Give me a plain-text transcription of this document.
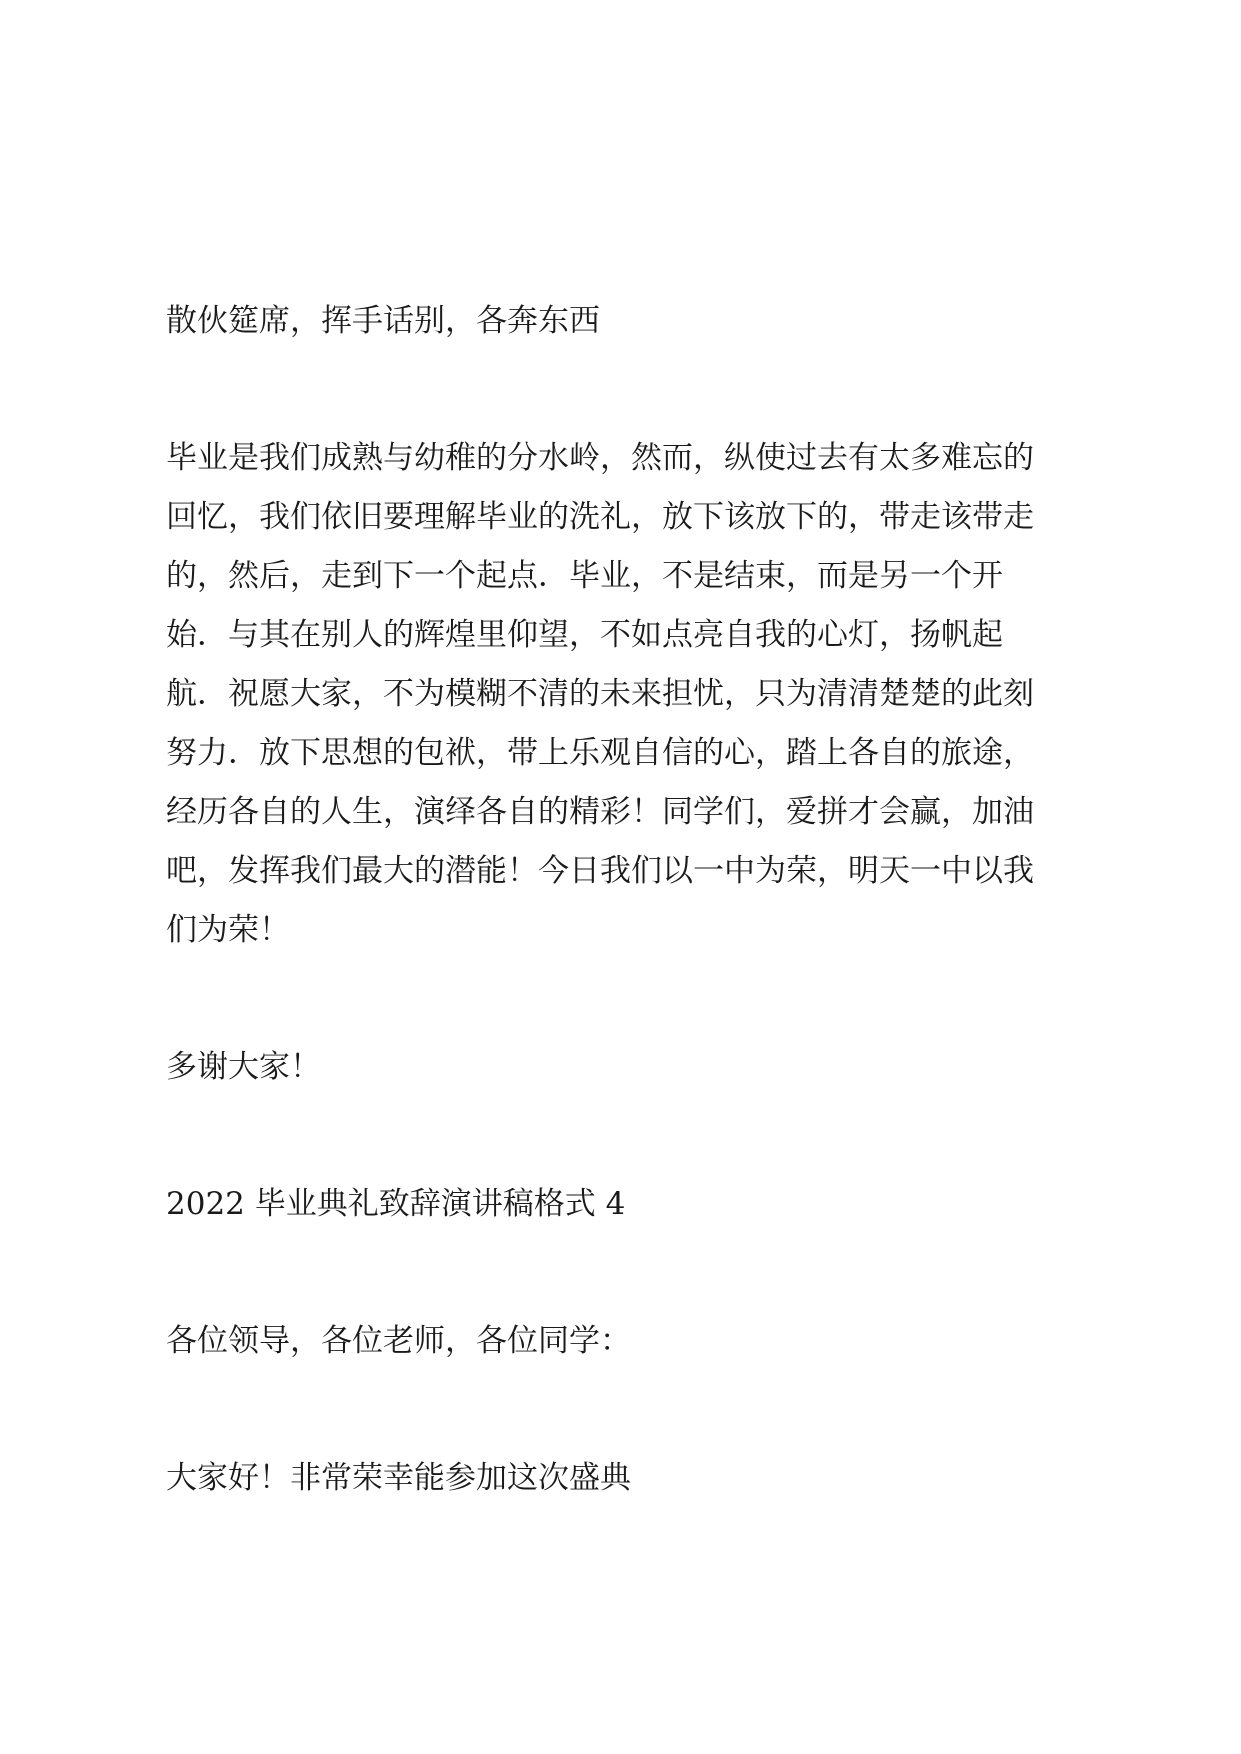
散伙筵席，挥手话别，各奔东西

毕业是我们成熟与幼稚的分水岭，然而，纵使过去有太多难忘的
回忆，我们依旧要理解毕业的洗礼，放下该放下的，带走该带走
的，然后，走到下一个起点．毕业，不是结束，而是另一个开
始．与其在别人的辉煌里仰望，不如点亮自我的心灯，扬帆起
航．祝愿大家，不为模糊不清的未来担忧，只为清清楚楚的此刻
努力．放下思想的包袱，带上乐观自信的心，踏上各自的旅途，
经历各自的人生，演绎各自的精彩！同学们，爱拼才会赢，加油
吧，发挥我们最大的潜能！今日我们以一中为荣，明天一中以我
们为荣！

多谢大家！

2022 毕业典礼致辞演讲稿格式 4

各位领导，各位老师，各位同学：

大家好！非常荣幸能参加这次盛典
